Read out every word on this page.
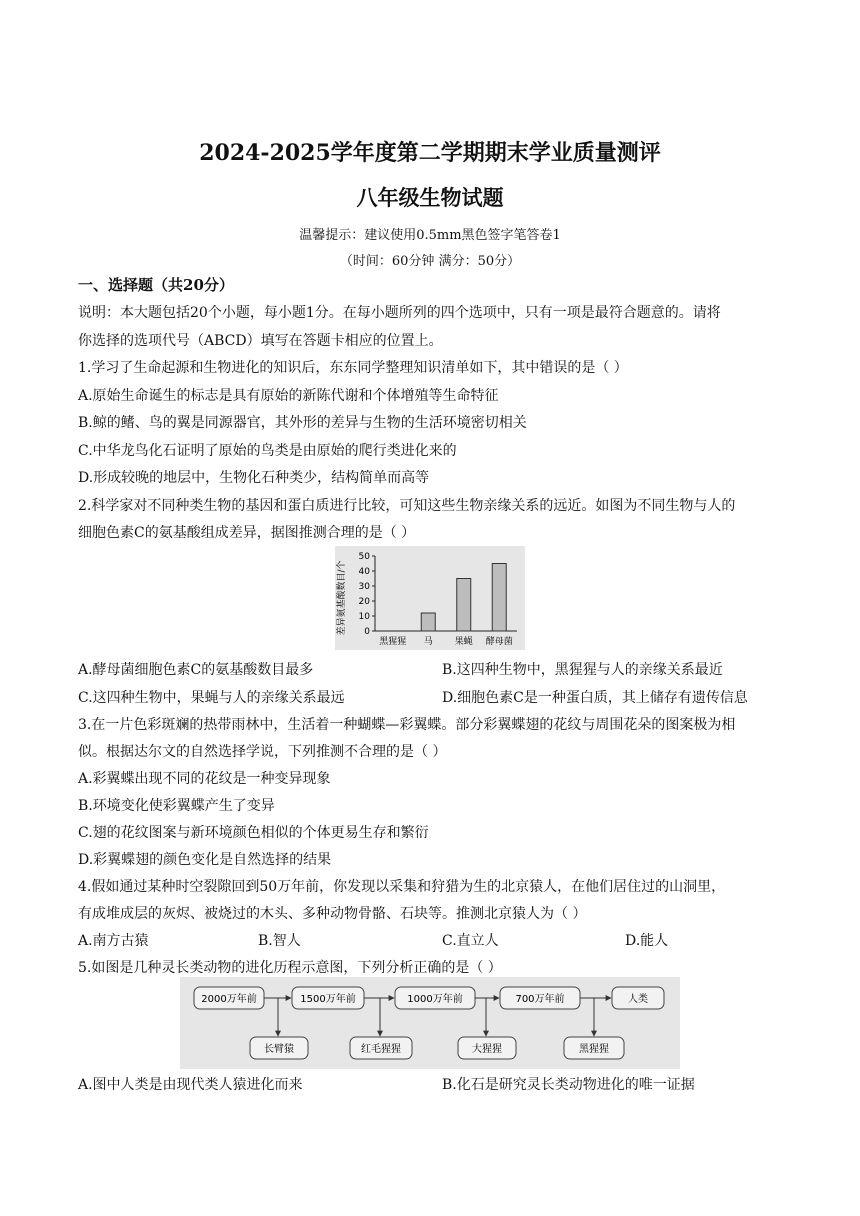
2024-2025学年度第二学期期末学业质量测评
八年级生物试题
温馨提示：建议使用0.5mm黑色签字笔答卷1
（时间：60分钟 满分：50分）
一、选择题（共20分）
说明：本大题包括20个小题，每小题1分。在每小题所列的四个选项中，只有一项是最符合题意的。请将
你选择的选项代号（ABCD）填写在答题卡相应的位置上。
1.学习了生命起源和生物进化的知识后，东东同学整理知识清单如下，其中错误的是（ ）
A.原始生命诞生的标志是具有原始的新陈代谢和个体增殖等生命特征
B.鲸的鳍、鸟的翼是同源器官，其外形的差异与生物的生活环境密切相关
C.中华龙鸟化石证明了原始的鸟类是由原始的爬行类进化来的
D.形成较晚的地层中，生物化石种类少，结构简单而高等
2.科学家对不同种类生物的基因和蛋白质进行比较，可知这些生物亲缘关系的远近。如图为不同生物与人的
细胞色素C的氨基酸组成差异，据图推测合理的是（ ）
差异氨基酸数目/个 0
10
20
30
40
50
黑猩猩 马 果蝇 酵母菌
A.酵母菌细胞色素C的氨基酸数目最多	B.这四种生物中，黑猩猩与人的亲缘关系最近
C.这四种生物中，果蝇与人的亲缘关系最远	D.细胞色素C是一种蛋白质，其上储存有遗传信息
3.在一片色彩斑斓的热带雨林中，生活着一种蝴蝶—彩翼蝶。部分彩翼蝶翅的花纹与周围花朵的图案极为相
似。根据达尔文的自然选择学说，下列推测不合理的是（ ）
A.彩翼蝶出现不同的花纹是一种变异现象
B.环境变化使彩翼蝶产生了变异
C.翅的花纹图案与新环境颜色相似的个体更易生存和繁衍
D.彩翼蝶翅的颜色变化是自然选择的结果
4.假如通过某种时空裂隙回到50万年前，你发现以采集和狩猎为生的北京猿人，在他们居住过的山洞里，
有成堆成层的灰烬、被烧过的木头、多种动物骨骼、石块等。推测北京猿人为（ ）
A.南方古猿	B.智人	C.直立人	D.能人
5.如图是几种灵长类动物的进化历程示意图，下列分析正确的是（ ）
2000万年前	1500万年前	1000万年前	700万年前	人类
长臂猿	红毛猩猩	大猩猩	黑猩猩
A.图中人类是由现代类人猿进化而来	B.化石是研究灵长类动物进化的唯一证据
